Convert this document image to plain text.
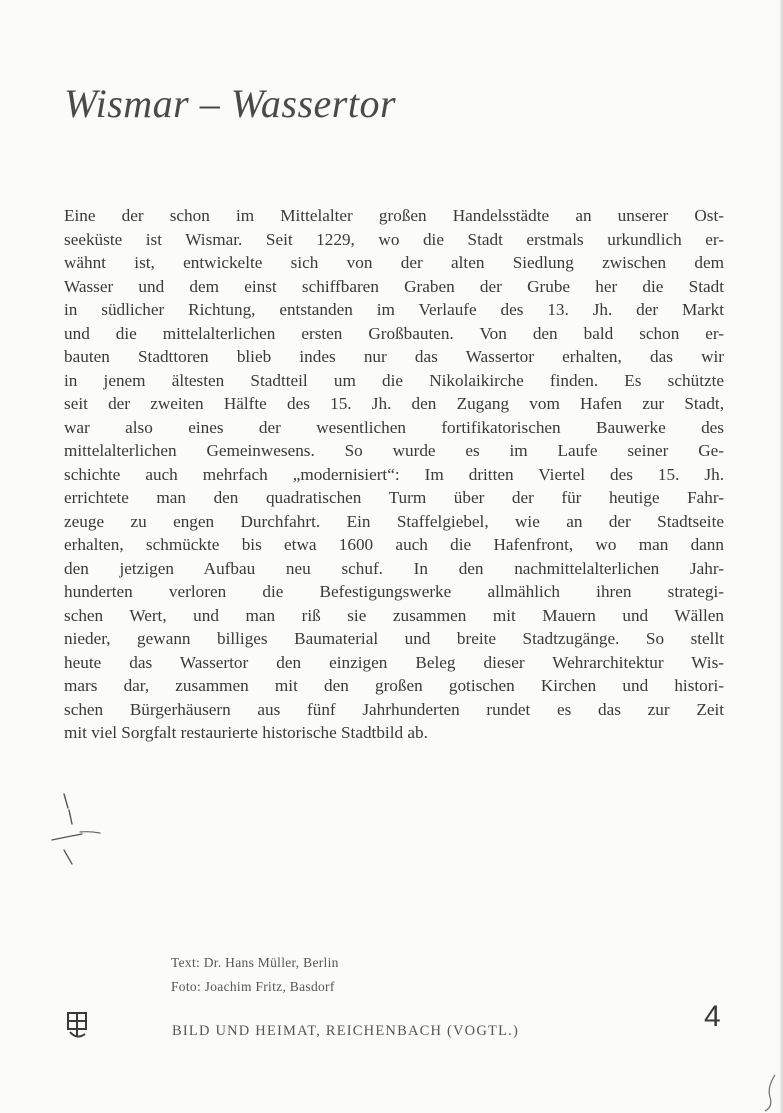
Wismar – Wassertor
Eine der schon im Mittelalter großen Handelsstädte an unserer Ost-
seeküste ist Wismar. Seit 1229, wo die Stadt erstmals urkundlich er-
wähnt ist, entwickelte sich von der alten Siedlung zwischen dem
Wasser und dem einst schiffbaren Graben der Grube her die Stadt
in südlicher Richtung, entstanden im Verlaufe des 13. Jh. der Markt
und die mittelalterlichen ersten Großbauten. Von den bald schon er-
bauten Stadttoren blieb indes nur das Wassertor erhalten, das wir
in jenem ältesten Stadtteil um die Nikolaikirche finden. Es schützte
seit der zweiten Hälfte des 15. Jh. den Zugang vom Hafen zur Stadt,
war also eines der wesentlichen fortifikatorischen Bauwerke des
mittelalterlichen Gemeinwesens. So wurde es im Laufe seiner Ge-
schichte auch mehrfach „modernisiert“: Im dritten Viertel des 15. Jh.
errichtete man den quadratischen Turm über der für heutige Fahr-
zeuge zu engen Durchfahrt. Ein Staffelgiebel, wie an der Stadtseite
erhalten, schmückte bis etwa 1600 auch die Hafenfront, wo man dann
den jetzigen Aufbau neu schuf. In den nachmittelalterlichen Jahr-
hunderten verloren die Befestigungswerke allmählich ihren strategi-
schen Wert, und man riß sie zusammen mit Mauern und Wällen
nieder, gewann billiges Baumaterial und breite Stadtzugänge. So stellt
heute das Wassertor den einzigen Beleg dieser Wehrarchitektur Wis-
mars dar, zusammen mit den großen gotischen Kirchen und histori-
schen Bürgerhäusern aus fünf Jahrhunderten rundet es das zur Zeit
mit viel Sorgfalt restaurierte historische Stadtbild ab.
Text: Dr. Hans Müller, Berlin
Foto: Joachim Fritz, Basdorf
BILD UND HEIMAT, REICHENBACH (VOGTL.)	4
